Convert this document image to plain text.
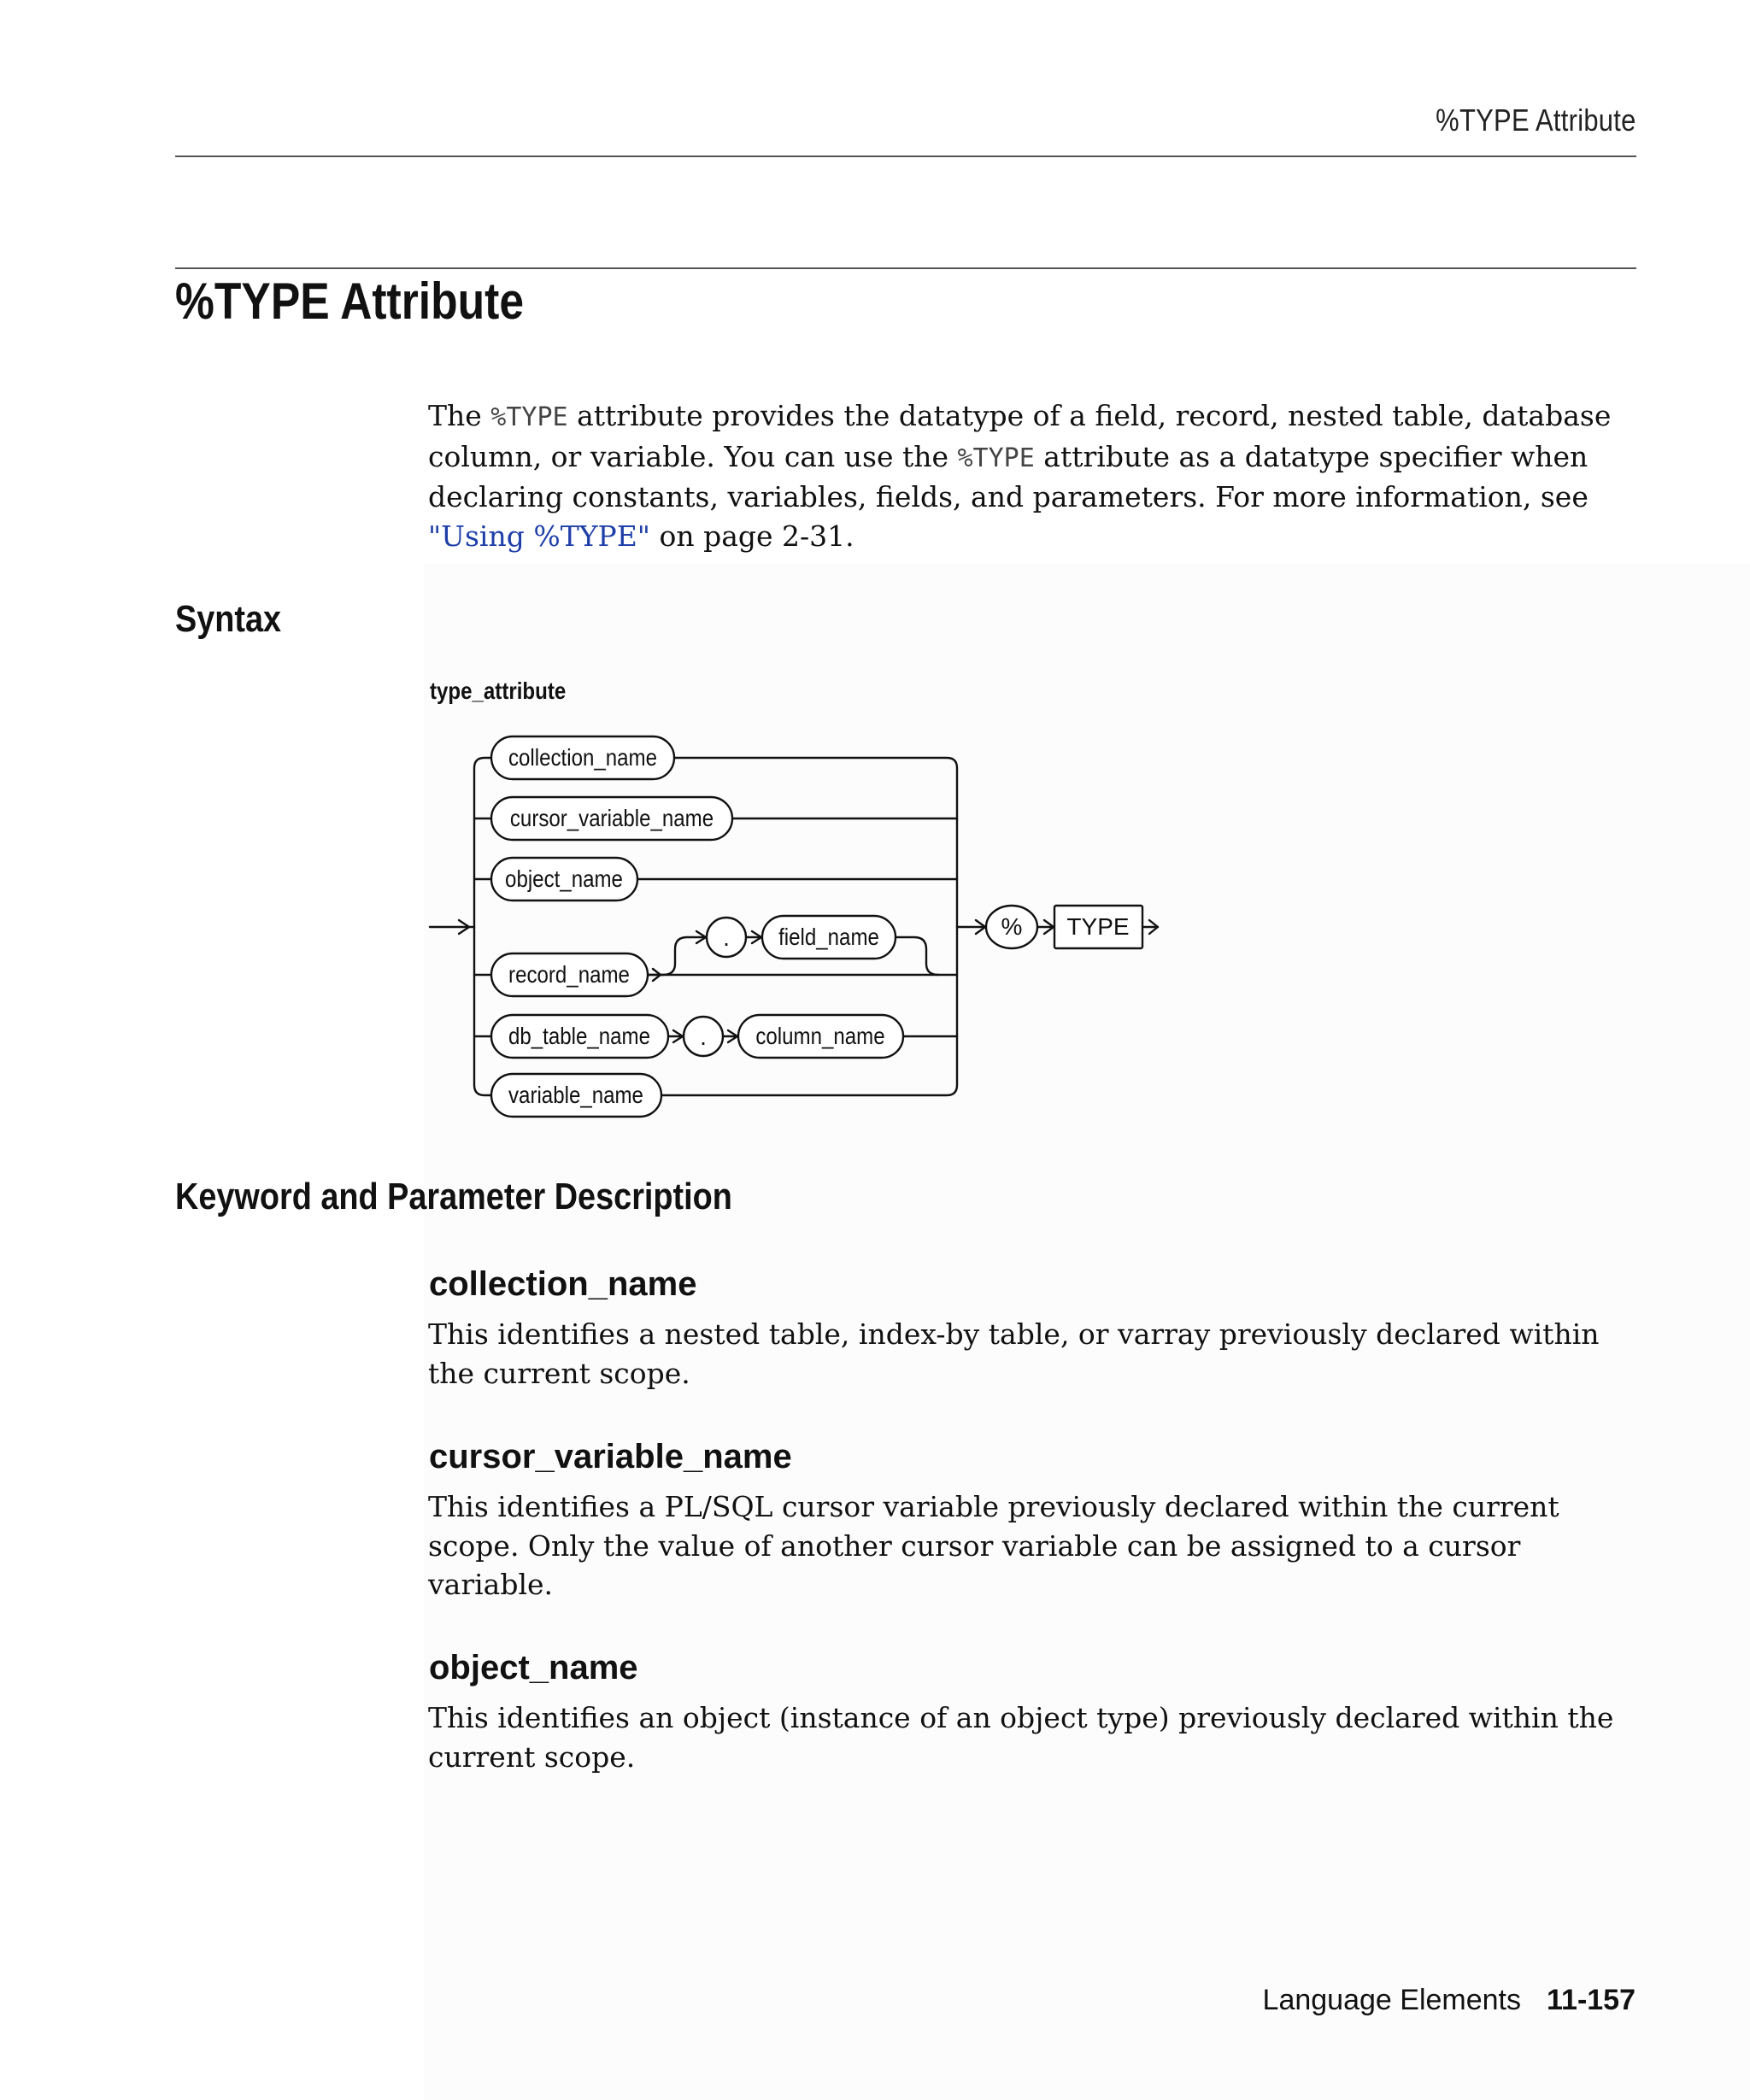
%TYPE Attribute
%TYPE Attribute

The %TYPE attribute provides the datatype of a field, record, nested table, database column, or variable. You can use the %TYPE attribute as a datatype specifier when declaring constants, variables, fields, and parameters. For more information, see "Using %TYPE" on page 2-31.

Syntax
type_attribute
collection_name
cursor_variable_name
object_name
record_name
. field_name
db_table_name . column_name
variable_name
% TYPE
Keyword and Parameter Description
collection_name

This identifies a nested table, index-by table, or varray previously declared within the current scope.

cursor_variable_name

This identifies a PL/SQL cursor variable previously declared within the current scope. Only the value of another cursor variable can be assigned to a cursor variable.

object_name

This identifies an object (instance of an object type) previously declared within the current scope.

Language Elements 11-157
